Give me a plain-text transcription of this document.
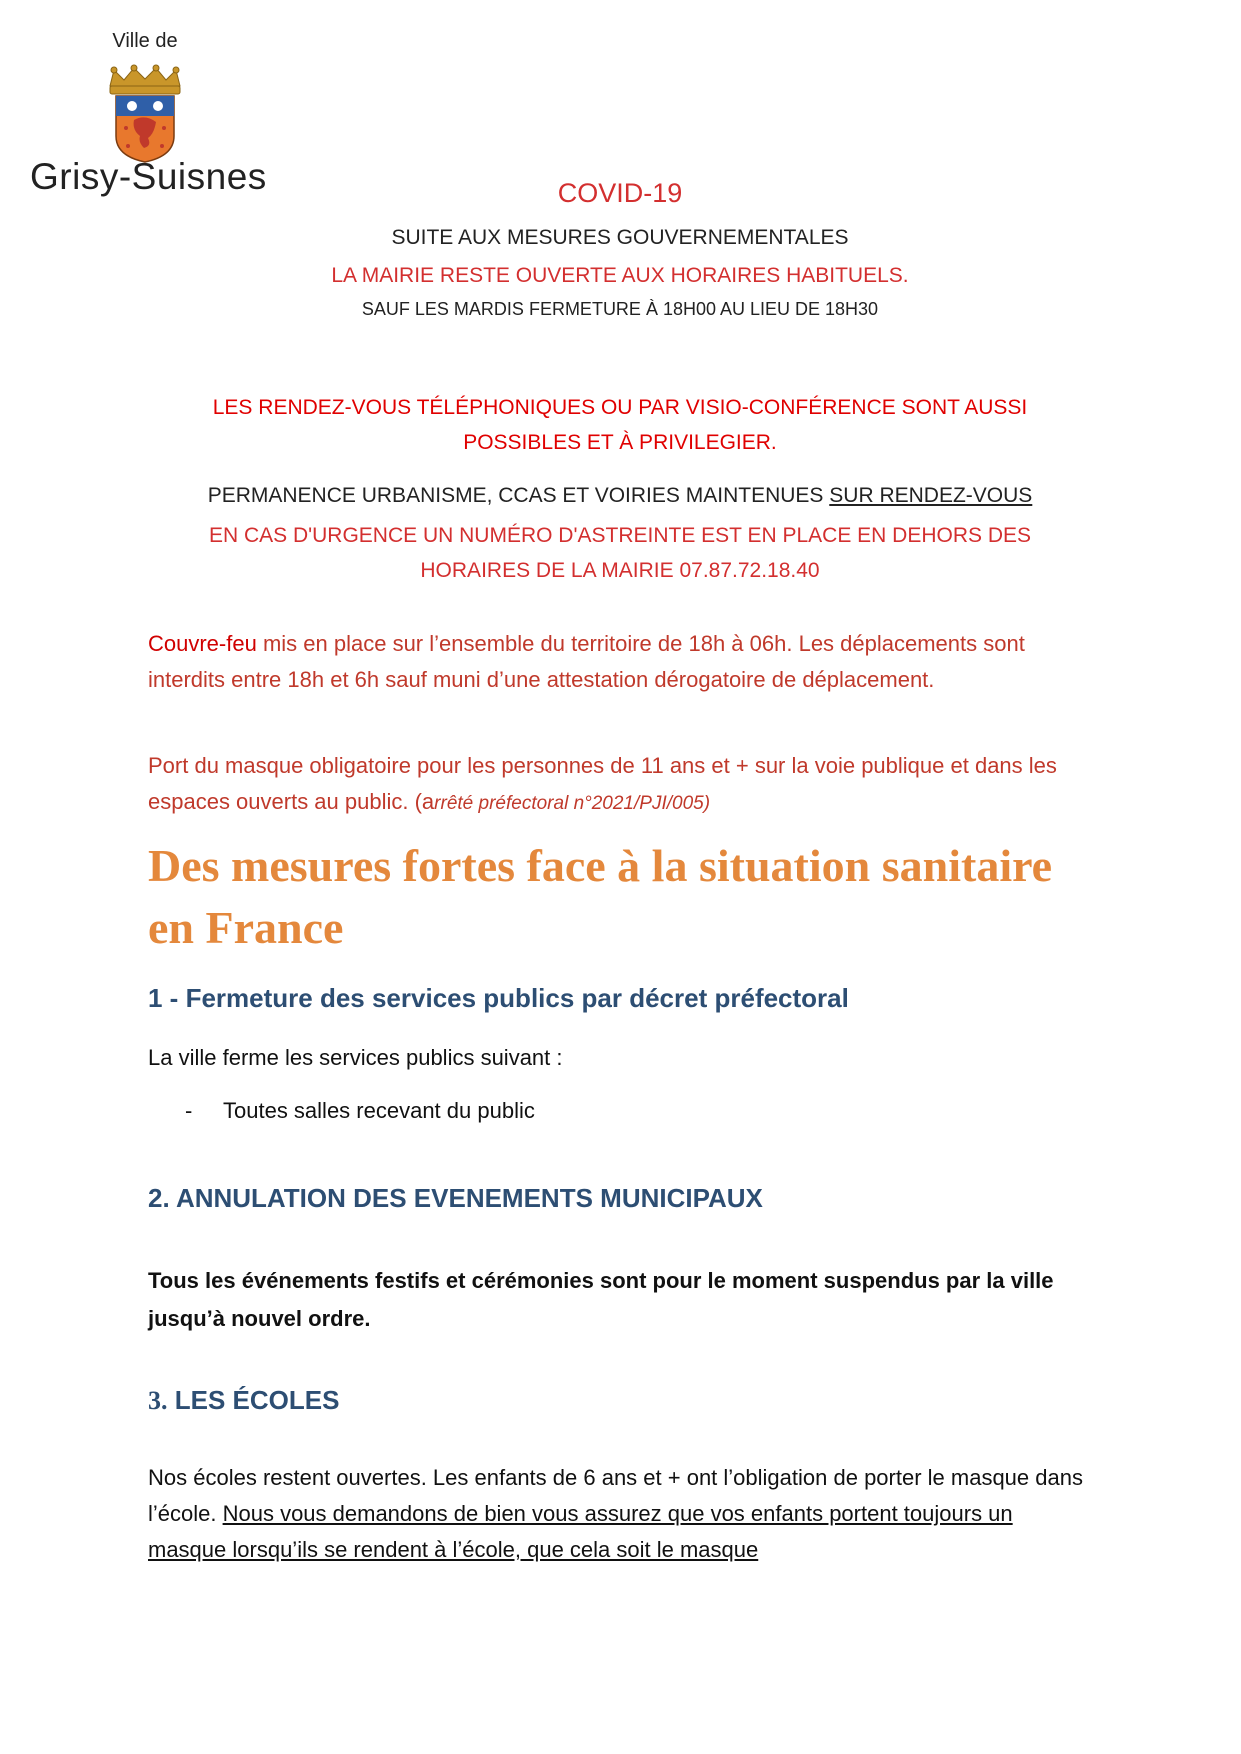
Ville de
Grisy-Suisnes	COVID-19
SUITE AUX MESURES GOUVERNEMENTALES
LA MAIRIE RESTE OUVERTE AUX HORAIRES HABITUELS.
SAUF LES MARDIS FERMETURE À 18H00 AU LIEU DE 18H30
LES RENDEZ-VOUS TÉLÉPHONIQUES OU PAR VISIO-CONFÉRENCE SONT AUSSI
POSSIBLES ET À PRIVILEGIER.
PERMANENCE URBANISME, CCAS ET VOIRIES MAINTENUES SUR RENDEZ-VOUS
EN CAS D'URGENCE UN NUMÉRO D'ASTREINTE EST EN PLACE EN DEHORS DES
HORAIRES DE LA MAIRIE 07.87.72.18.40
Couvre-feu mis en place sur l’ensemble du territoire de 18h à 06h. Les déplacements sont interdits entre 18h et 6h sauf muni d’une attestation dérogatoire de déplacement.
Port du masque obligatoire pour les personnes de 11 ans et + sur la voie publique et dans les espaces ouverts au public. (arrêté préfectoral n°2021/PJI/005)
Des mesures fortes face à la situation sanitaire en France
1 - Fermeture des services publics par décret préfectoral
La ville ferme les services publics suivant :
- Toutes salles recevant du public
2. ANNULATION DES EVENEMENTS MUNICIPAUX
Tous les événements festifs et cérémonies sont pour le moment suspendus par la ville jusqu’à nouvel ordre.
3. LES ÉCOLES
Nos écoles restent ouvertes. Les enfants de 6 ans et + ont l’obligation de porter le masque dans l’école. Nous vous demandons de bien vous assurez que vos enfants portent toujours un masque lorsqu’ils se rendent à l’école, que cela soit le masque
